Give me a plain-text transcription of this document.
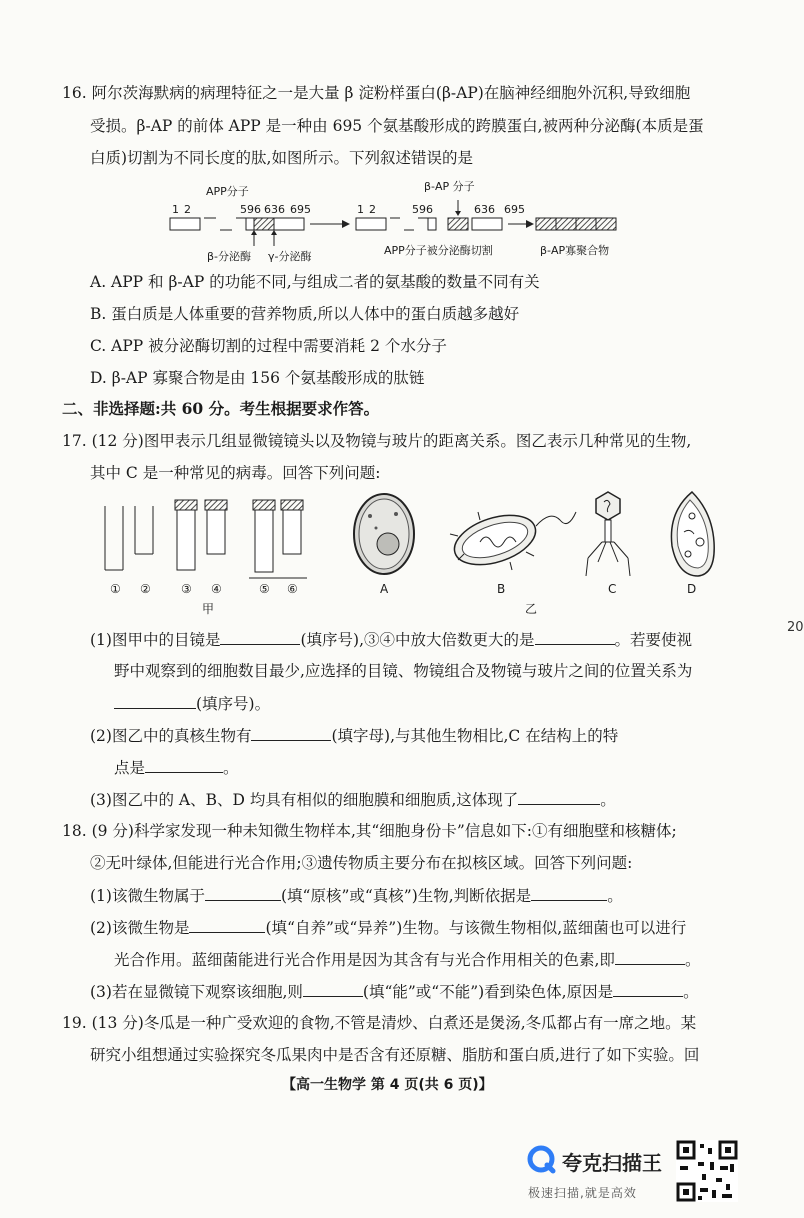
16. 阿尔茨海默病的病理特征之一是大量 β 淀粉样蛋白(β-AP)在脑神经细胞外沉积,导致细胞
受损。β-AP 的前体 APP 是一种由 695 个氨基酸形成的跨膜蛋白,被两种分泌酶(本质是蛋
白质)切割为不同长度的肽,如图所示。下列叙述错误的是
APP分子	β-AP 分子
1 2	596 636 695	1 2	596	636 695
β-分泌酶 γ-分泌酶	APP分子被分泌酶切割	β-AP寡聚合物
A. APP 和 β-AP 的功能不同,与组成二者的氨基酸的数量不同有关
B. 蛋白质是人体重要的营养物质,所以人体中的蛋白质越多越好
C. APP 被分泌酶切割的过程中需要消耗 2 个水分子
D. β-AP 寡聚合物是由 156 个氨基酸形成的肽链
二、非选择题:共 60 分。考生根据要求作答。
17. (12 分)图甲表示几组显微镜镜头以及物镜与玻片的距离关系。图乙表示几种常见的生物,
其中 C 是一种常见的病毒。回答下列问题:
① ②	③ ④	⑤ ⑥
甲
A	B	C	D
乙
20
(1)图甲中的目镜是	(填序号),③④中放大倍数更大的是	。若要使视
野中观察到的细胞数目最少,应选择的目镜、物镜组合及物镜与玻片之间的位置关系为
(填序号)。
(2)图乙中的真核生物有	(填字母),与其他生物相比,C 在结构上的特
点是	。
(3)图乙中的 A、B、D 均具有相似的细胞膜和细胞质,这体现了	。
18. (9 分)科学家发现一种未知微生物样本,其“细胞身份卡”信息如下:①有细胞壁和核糖体;
②无叶绿体,但能进行光合作用;③遗传物质主要分布在拟核区域。回答下列问题:
(1)该微生物属于	(填“原核”或“真核”)生物,判断依据是	。
(2)该微生物是	(填“自养”或“异养”)生物。与该微生物相似,蓝细菌也可以进行
光合作用。蓝细菌能进行光合作用是因为其含有与光合作用相关的色素,即	。
(3)若在显微镜下观察该细胞,则	(填“能”或“不能”)看到染色体,原因是	。
19. (13 分)冬瓜是一种广受欢迎的食物,不管是清炒、白煮还是煲汤,冬瓜都占有一席之地。某
研究小组想通过实验探究冬瓜果肉中是否含有还原糖、脂肪和蛋白质,进行了如下实验。回
【高一生物学 第 4 页(共 6 页)】
夸克扫描王
极速扫描,就是高效
